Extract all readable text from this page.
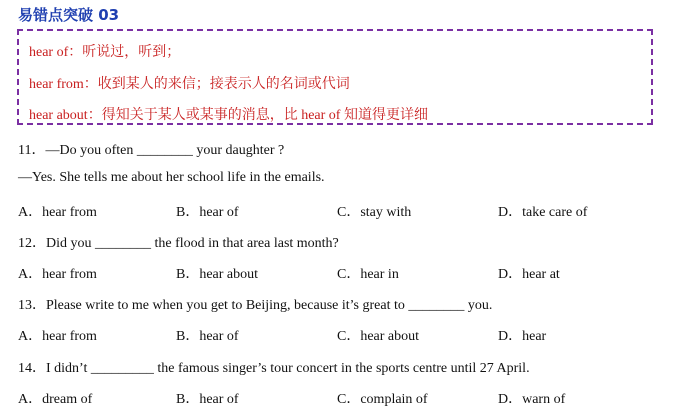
易错点突破 03
hear of：听说过，听到；
hear from：收到某人的来信；接表示人的名词或代词
hear about：得知关于某人或某事的消息，比 hear of 知道得更详细
11．—Do you often ________ your daughter ?
—Yes. She tells me about her school life in the emails.
A．hear from	B．hear of	C．stay with	D．take care of
12．Did you ________ the flood in that area last month?
A．hear from	B．hear about	C．hear in	D．hear at
13．Please write to me when you get to Beijing, because it’s great to ________ you.
A．hear from	B．hear of	C．hear about	D．hear
14．I didn’t _________ the famous singer’s tour concert in the sports centre until 27 April.
A．dream of	B．hear of	C．complain of	D．warn of
